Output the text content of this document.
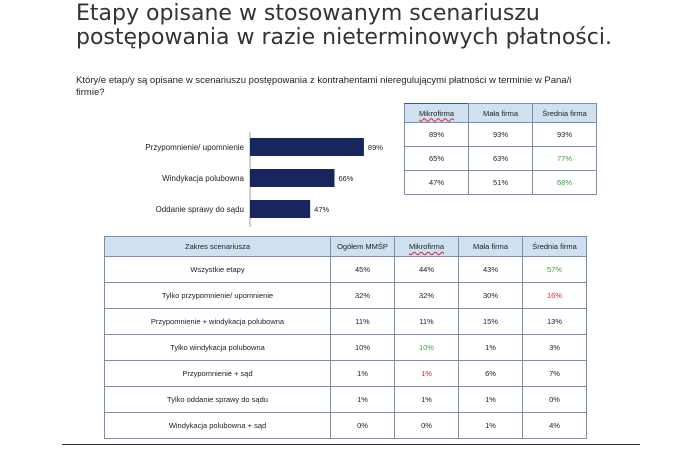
Etapy opisane w stosowanym scenariuszu postępowania w razie nieterminowych płatności.
Który/e etap/y są opisane w scenariuszu postępowania z kontrahentami nieregulującymi płatności w terminie w Pana/i firmie?
Przypomnienie/ upomnienie	89%
Windykacja polubowna	66%
Oddanie sprawy do sądu	47%
Mikrofirma	Mała firma	Średnia firma
89%	93%	93%
65%	63%	77%
47%	51%	68%
Zakres scenariusza	Ogółem MMŚP	Mikrofirma	Mała firma	Średnia firma
Wszystkie etapy	45%	44%	43%	57%
Tylko przypomnienie/ upomnienie	32%	32%	30%	16%
Przypomnienie + windykacja polubowna	11%	11%	15%	13%
Tylko windykacja polubowna	10%	10%	1%	3%
Przypomnienie + sąd	1%	1%	6%	7%
Tylko oddanie sprawy do sądu	1%	1%	1%	0%
Windykacja polubowna + sąd	0%	0%	1%	4%
